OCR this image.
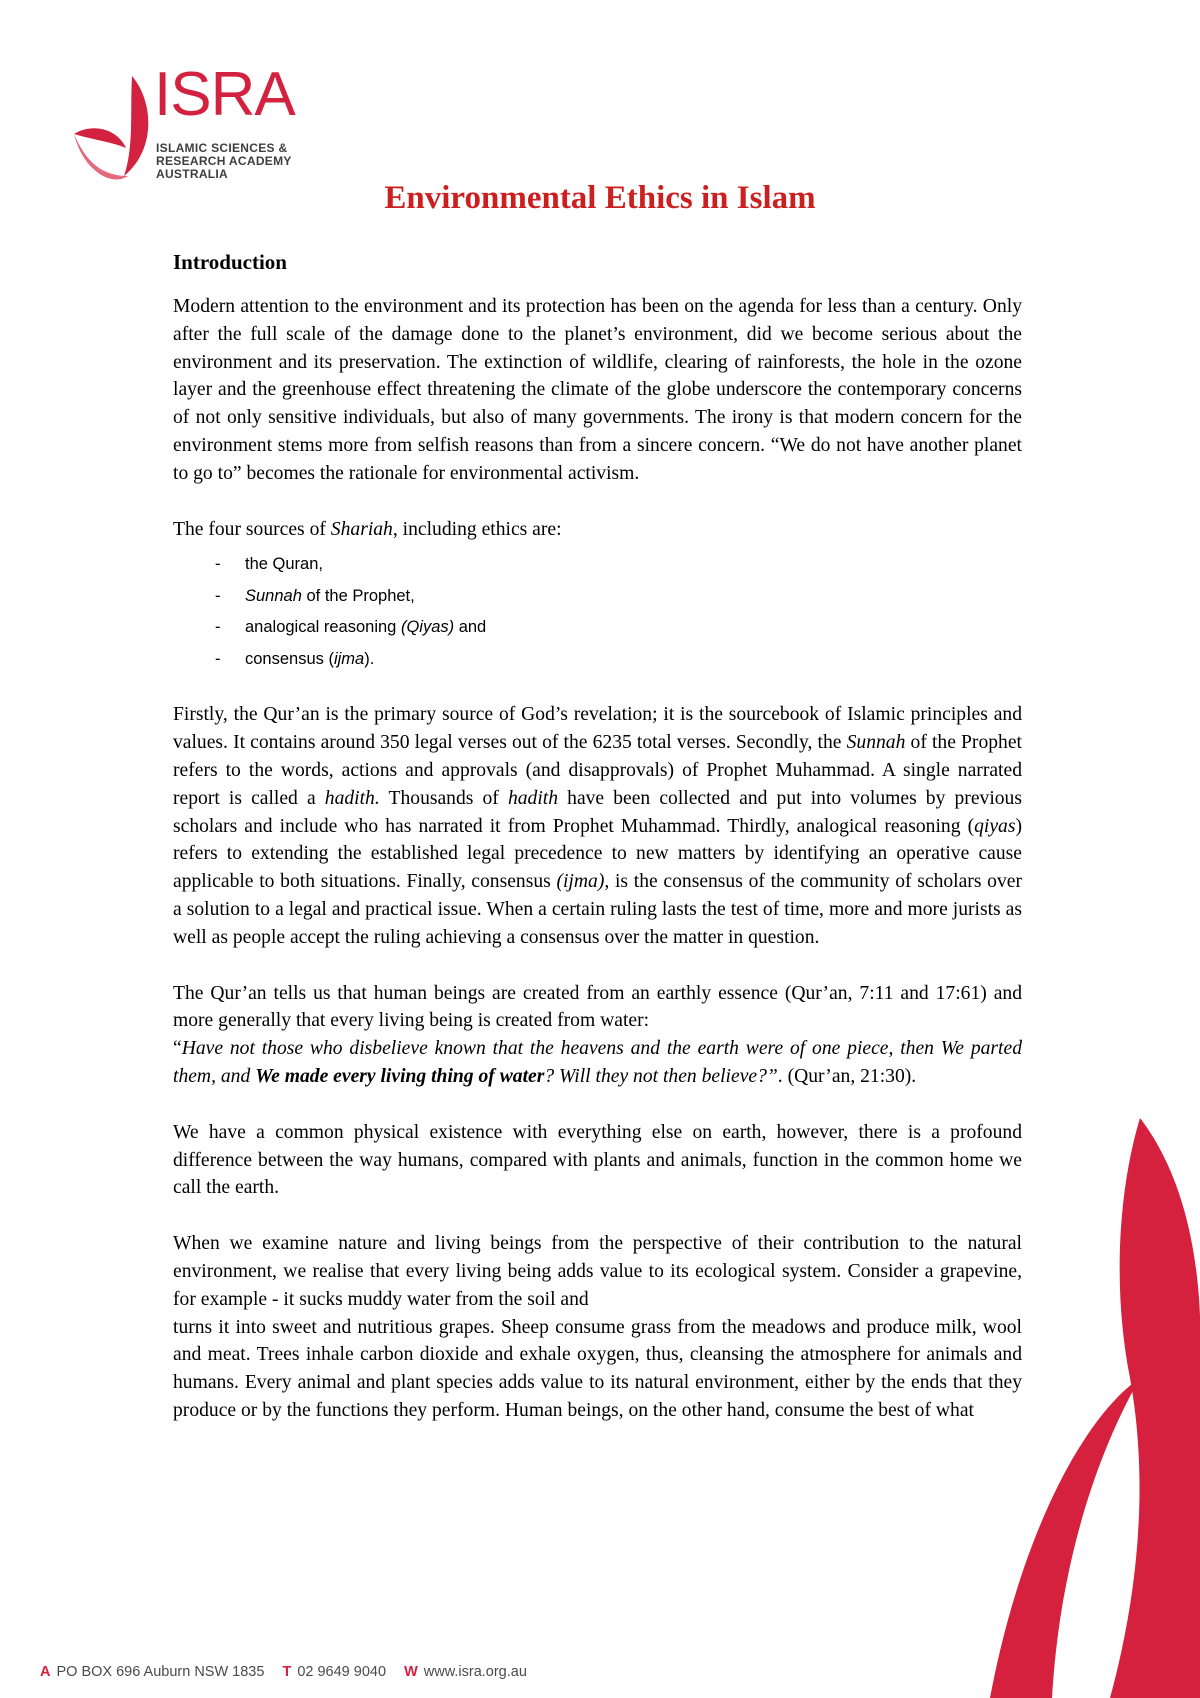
ISRA
ISLAMIC SCIENCES &
RESEARCH ACADEMY
AUSTRALIA
Environmental Ethics in Islam
Introduction

Modern attention to the environment and its protection has been on the agenda for less than a century. Only after the full scale of the damage done to the planet’s environment, did we become serious about the environment and its preservation. The extinction of wildlife, clearing of rainforests, the hole in the ozone layer and the greenhouse effect threatening the climate of the globe underscore the contemporary concerns of not only sensitive individuals, but also of many governments. The irony is that modern concern for the environment stems more from selfish reasons than from a sincere concern. “We do not have another planet to go to” becomes the rationale for environmental activism.

The four sources of Shariah, including ethics are:

- the Quran,
- Sunnah of the Prophet,
- analogical reasoning (Qiyas) and
- consensus (ijma).

Firstly, the Qur’an is the primary source of God’s revelation; it is the sourcebook of Islamic principles and values. It contains around 350 legal verses out of the 6235 total verses. Secondly, the Sunnah of the Prophet refers to the words, actions and approvals (and disapprovals) of Prophet Muhammad. A single narrated report is called a hadith. Thousands of hadith have been collected and put into volumes by previous scholars and include who has narrated it from Prophet Muhammad. Thirdly, analogical reasoning (qiyas) refers to extending the established legal precedence to new matters by identifying an operative cause applicable to both situations. Finally, consensus (ijma), is the consensus of the community of scholars over a solution to a legal and practical issue. When a certain ruling lasts the test of time, more and more jurists as well as people accept the ruling achieving a consensus over the matter in question.

The Qur’an tells us that human beings are created from an earthly essence (Qur’an, 7:11 and 17:61) and more generally that every living being is created from water:
“Have not those who disbelieve known that the heavens and the earth were of one piece, then We parted them, and We made every living thing of water? Will they not then believe?”. (Qur’an, 21:30).

We have a common physical existence with everything else on earth, however, there is a profound difference between the way humans, compared with plants and animals, function in the common home we call the earth.

When we examine nature and living beings from the perspective of their contribution to the natural environment, we realise that every living being adds value to its ecological system. Consider a grapevine, for example - it sucks muddy water from the soil and

turns it into sweet and nutritious grapes. Sheep consume grass from the meadows and produce milk, wool and meat. Trees inhale carbon dioxide and exhale oxygen, thus, cleansing the atmosphere for animals and humans. Every animal and plant species adds value to its natural environment, either by the ends that they produce or by the functions they perform. Human beings, on the other hand, consume the best of what

A PO BOX 696 Auburn NSW 1835 T 02 9649 9040 W www.isra.org.au
